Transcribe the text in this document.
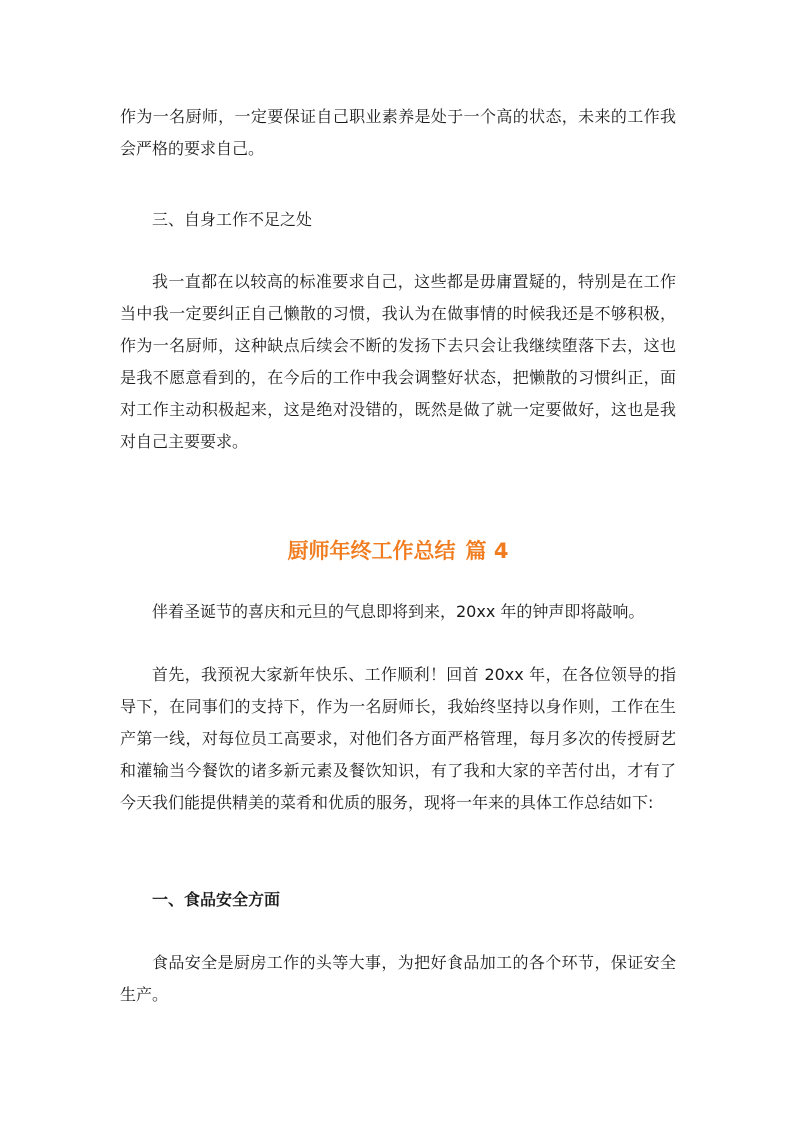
作为一名厨师，一定要保证自己职业素养是处于一个高的状态，未来的工作我会严格的要求自己。

三、自身工作不足之处

我一直都在以较高的标准要求自己，这些都是毋庸置疑的，特别是在工作当中我一定要纠正自己懒散的习惯，我认为在做事情的时候我还是不够积极，作为一名厨师，这种缺点后续会不断的发扬下去只会让我继续堕落下去，这也是我不愿意看到的，在今后的工作中我会调整好状态，把懒散的习惯纠正，面对工作主动积极起来，这是绝对没错的，既然是做了就一定要做好，这也是我对自己主要要求。

厨师年终工作总结 篇 4

伴着圣诞节的喜庆和元旦的气息即将到来，20xx 年的钟声即将敲响。

首先，我预祝大家新年快乐、工作顺利！回首 20xx 年，在各位领导的指导下，在同事们的支持下，作为一名厨师长，我始终坚持以身作则，工作在生产第一线，对每位员工高要求，对他们各方面严格管理，每月多次的传授厨艺和灌输当今餐饮的诸多新元素及餐饮知识，有了我和大家的辛苦付出，才有了今天我们能提供精美的菜肴和优质的服务，现将一年来的具体工作总结如下:

一、食品安全方面

食品安全是厨房工作的头等大事，为把好食品加工的各个环节，保证安全生产。
